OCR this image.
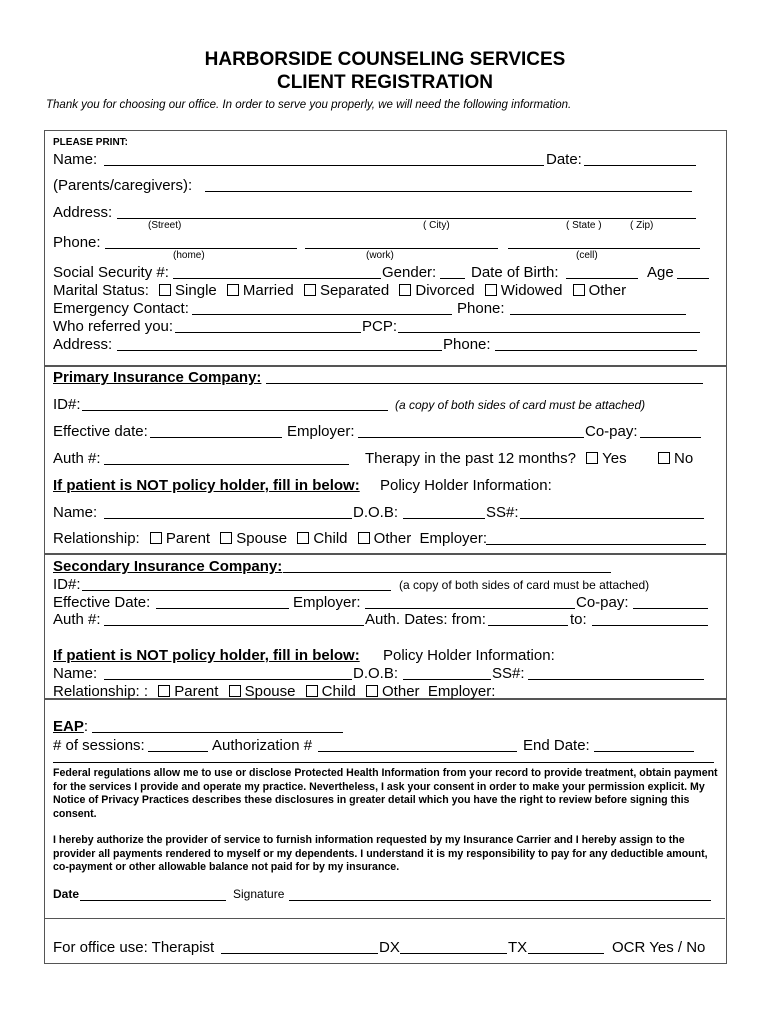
HARBORSIDE COUNSELING SERVICES
CLIENT REGISTRATION
Thank you for choosing our office. In order to serve you properly, we will need the following information.
PLEASE PRINT:
Name:	Date:
(Parents/caregivers):
Address:
(Street)	( City)	( State )	( Zip)
Phone:
(home)	(work)	(cell)
Social Security #:	Gender: Date of Birth:	Age
Marital Status: Single Married Separated Divorced Widowed Other
Emergency Contact:	Phone:
Who referred you:	PCP:
Address:	Phone:
Primary Insurance Company:
ID#:	(a copy of both sides of card must be attached)
Effective date:	Employer:	Co-pay:
Auth #:	Therapy in the past 12 months? Yes	No
If patient is NOT policy holder, fill in below: Policy Holder Information:
Name:	D.O.B:	SS#:
Relationship: Parent Spouse Child Other Employer:
Secondary Insurance Company:
ID#:	(a copy of both sides of card must be attached)
Effective Date:	Employer:	Co-pay:
Auth #:	Auth. Dates: from:	to:
If patient is NOT policy holder, fill in below: Policy Holder Information:
Name:	D.O.B:	SS#:
Relationship: : Parent Spouse Child Other Employer:
EAP:
# of sessions:	Authorization #	End Date:
Federal regulations allow me to use or disclose Protected Health Information from your record to provide treatment, obtain payment for the services I provide and operate my practice. Nevertheless, I ask your consent in order to make your permission explicit. My Notice of Privacy Practices describes these disclosures in greater detail which you have the right to review before signing this consent.
I hereby authorize the provider of service to furnish information requested by my Insurance Carrier and I hereby assign to the provider all payments rendered to myself or my dependents. I understand it is my responsibility to pay for any deductible amount, co-payment or other allowable balance not paid for by my insurance.
Date	Signature
For office use: Therapist	DX	TX	OCR Yes / No
